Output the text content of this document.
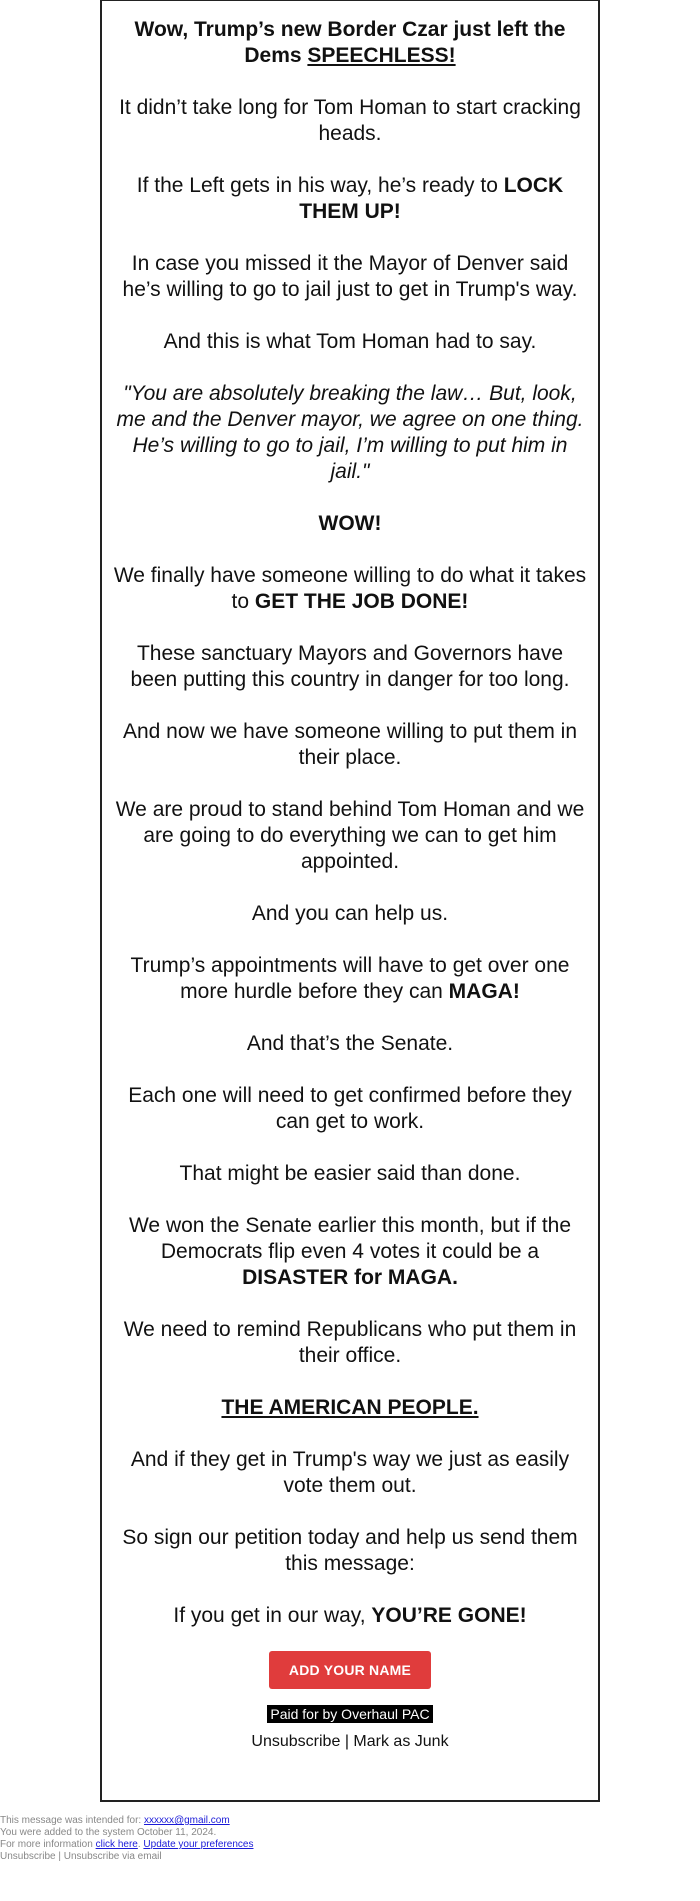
Wow, Trump’s new Border Czar just left the Dems SPEECHLESS!
It didn’t take long for Tom Homan to start cracking heads.
If the Left gets in his way, he’s ready to LOCK THEM UP!
In case you missed it the Mayor of Denver said he’s willing to go to jail just to get in Trump's way.
And this is what Tom Homan had to say.
"You are absolutely breaking the law… But, look, me and the Denver mayor, we agree on one thing. He’s willing to go to jail, I’m willing to put him in jail."
WOW!
We finally have someone willing to do what it takes to GET THE JOB DONE!
These sanctuary Mayors and Governors have been putting this country in danger for too long.
And now we have someone willing to put them in their place.
We are proud to stand behind Tom Homan and we are going to do everything we can to get him appointed.
And you can help us.
Trump’s appointments will have to get over one more hurdle before they can MAGA!
And that’s the Senate.
Each one will need to get confirmed before they can get to work.
That might be easier said than done.
We won the Senate earlier this month, but if the Democrats flip even 4 votes it could be a DISASTER for MAGA.
We need to remind Republicans who put them in their office.
THE AMERICAN PEOPLE.
And if they get in Trump's way we just as easily vote them out.
So sign our petition today and help us send them this message:
If you get in our way, YOU’RE GONE!
ADD YOUR NAME
Paid for by Overhaul PAC
Unsubscribe | Mark as Junk
This message was intended for: xxxxxx@gmail.com
You were added to the system October 11, 2024.
For more information click here. Update your preferences
Unsubscribe | Unsubscribe via email
